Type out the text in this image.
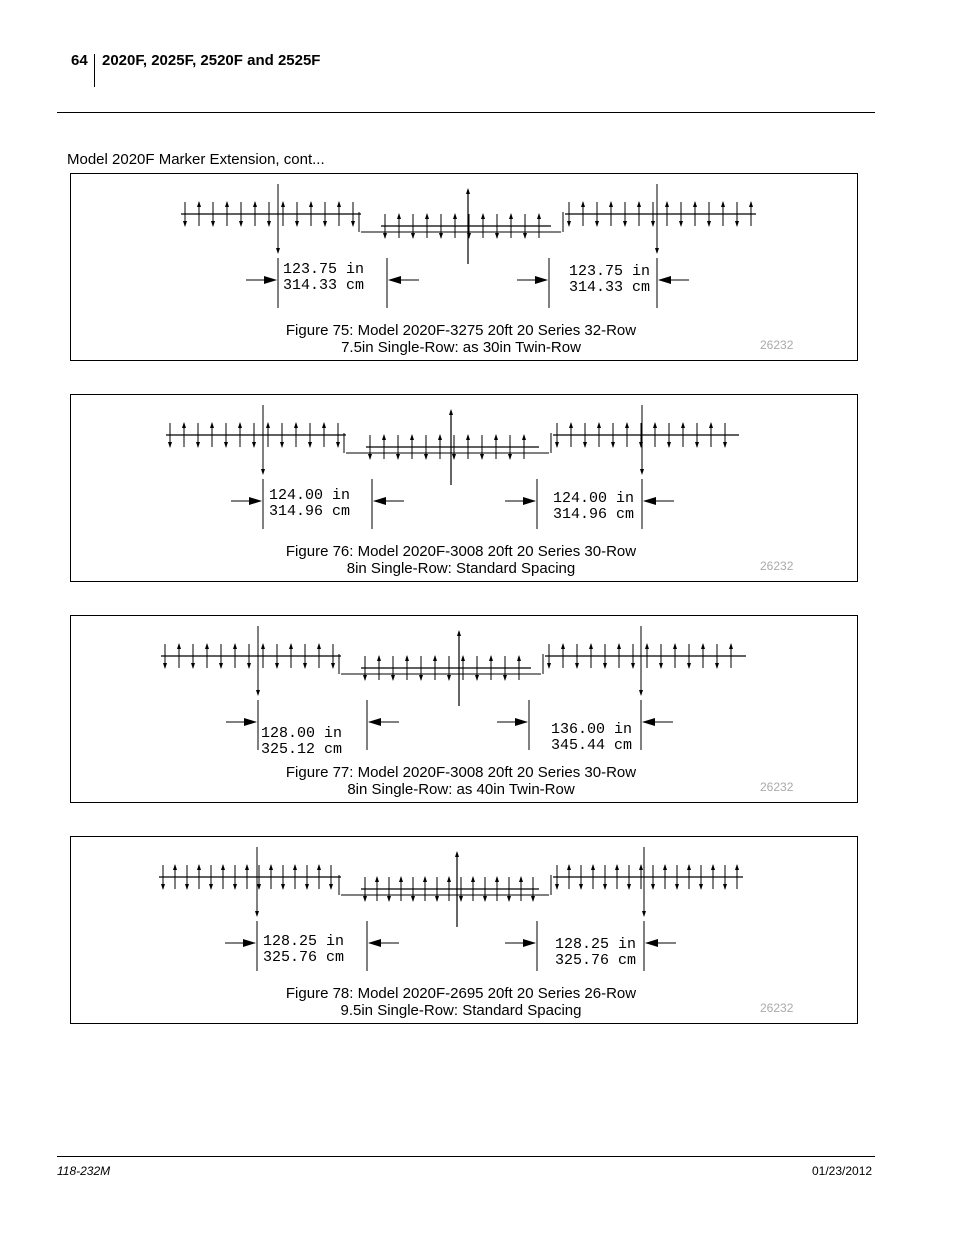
64 2020F, 2025F, 2520F and 2525F
Model 2020F Marker Extension, cont...
123.75 in
314.33 cm
123.75 in
314.33 cm
Figure 75: Model 2020F-3275 20ft 20 Series 32-Row
7.5in Single-Row: as 30in Twin-Row	26232
124.00 in
314.96 cm
124.00 in
314.96 cm
Figure 76: Model 2020F-3008 20ft 20 Series 30-Row
8in Single-Row: Standard Spacing	26232
128.00 in
325.12 cm
136.00 in
345.44 cm
Figure 77: Model 2020F-3008 20ft 20 Series 30-Row
8in Single-Row: as 40in Twin-Row	26232
128.25 in
325.76 cm
128.25 in
325.76 cm
Figure 78: Model 2020F-2695 20ft 20 Series 26-Row
9.5in Single-Row: Standard Spacing	26232
118-232M	01/23/2012
